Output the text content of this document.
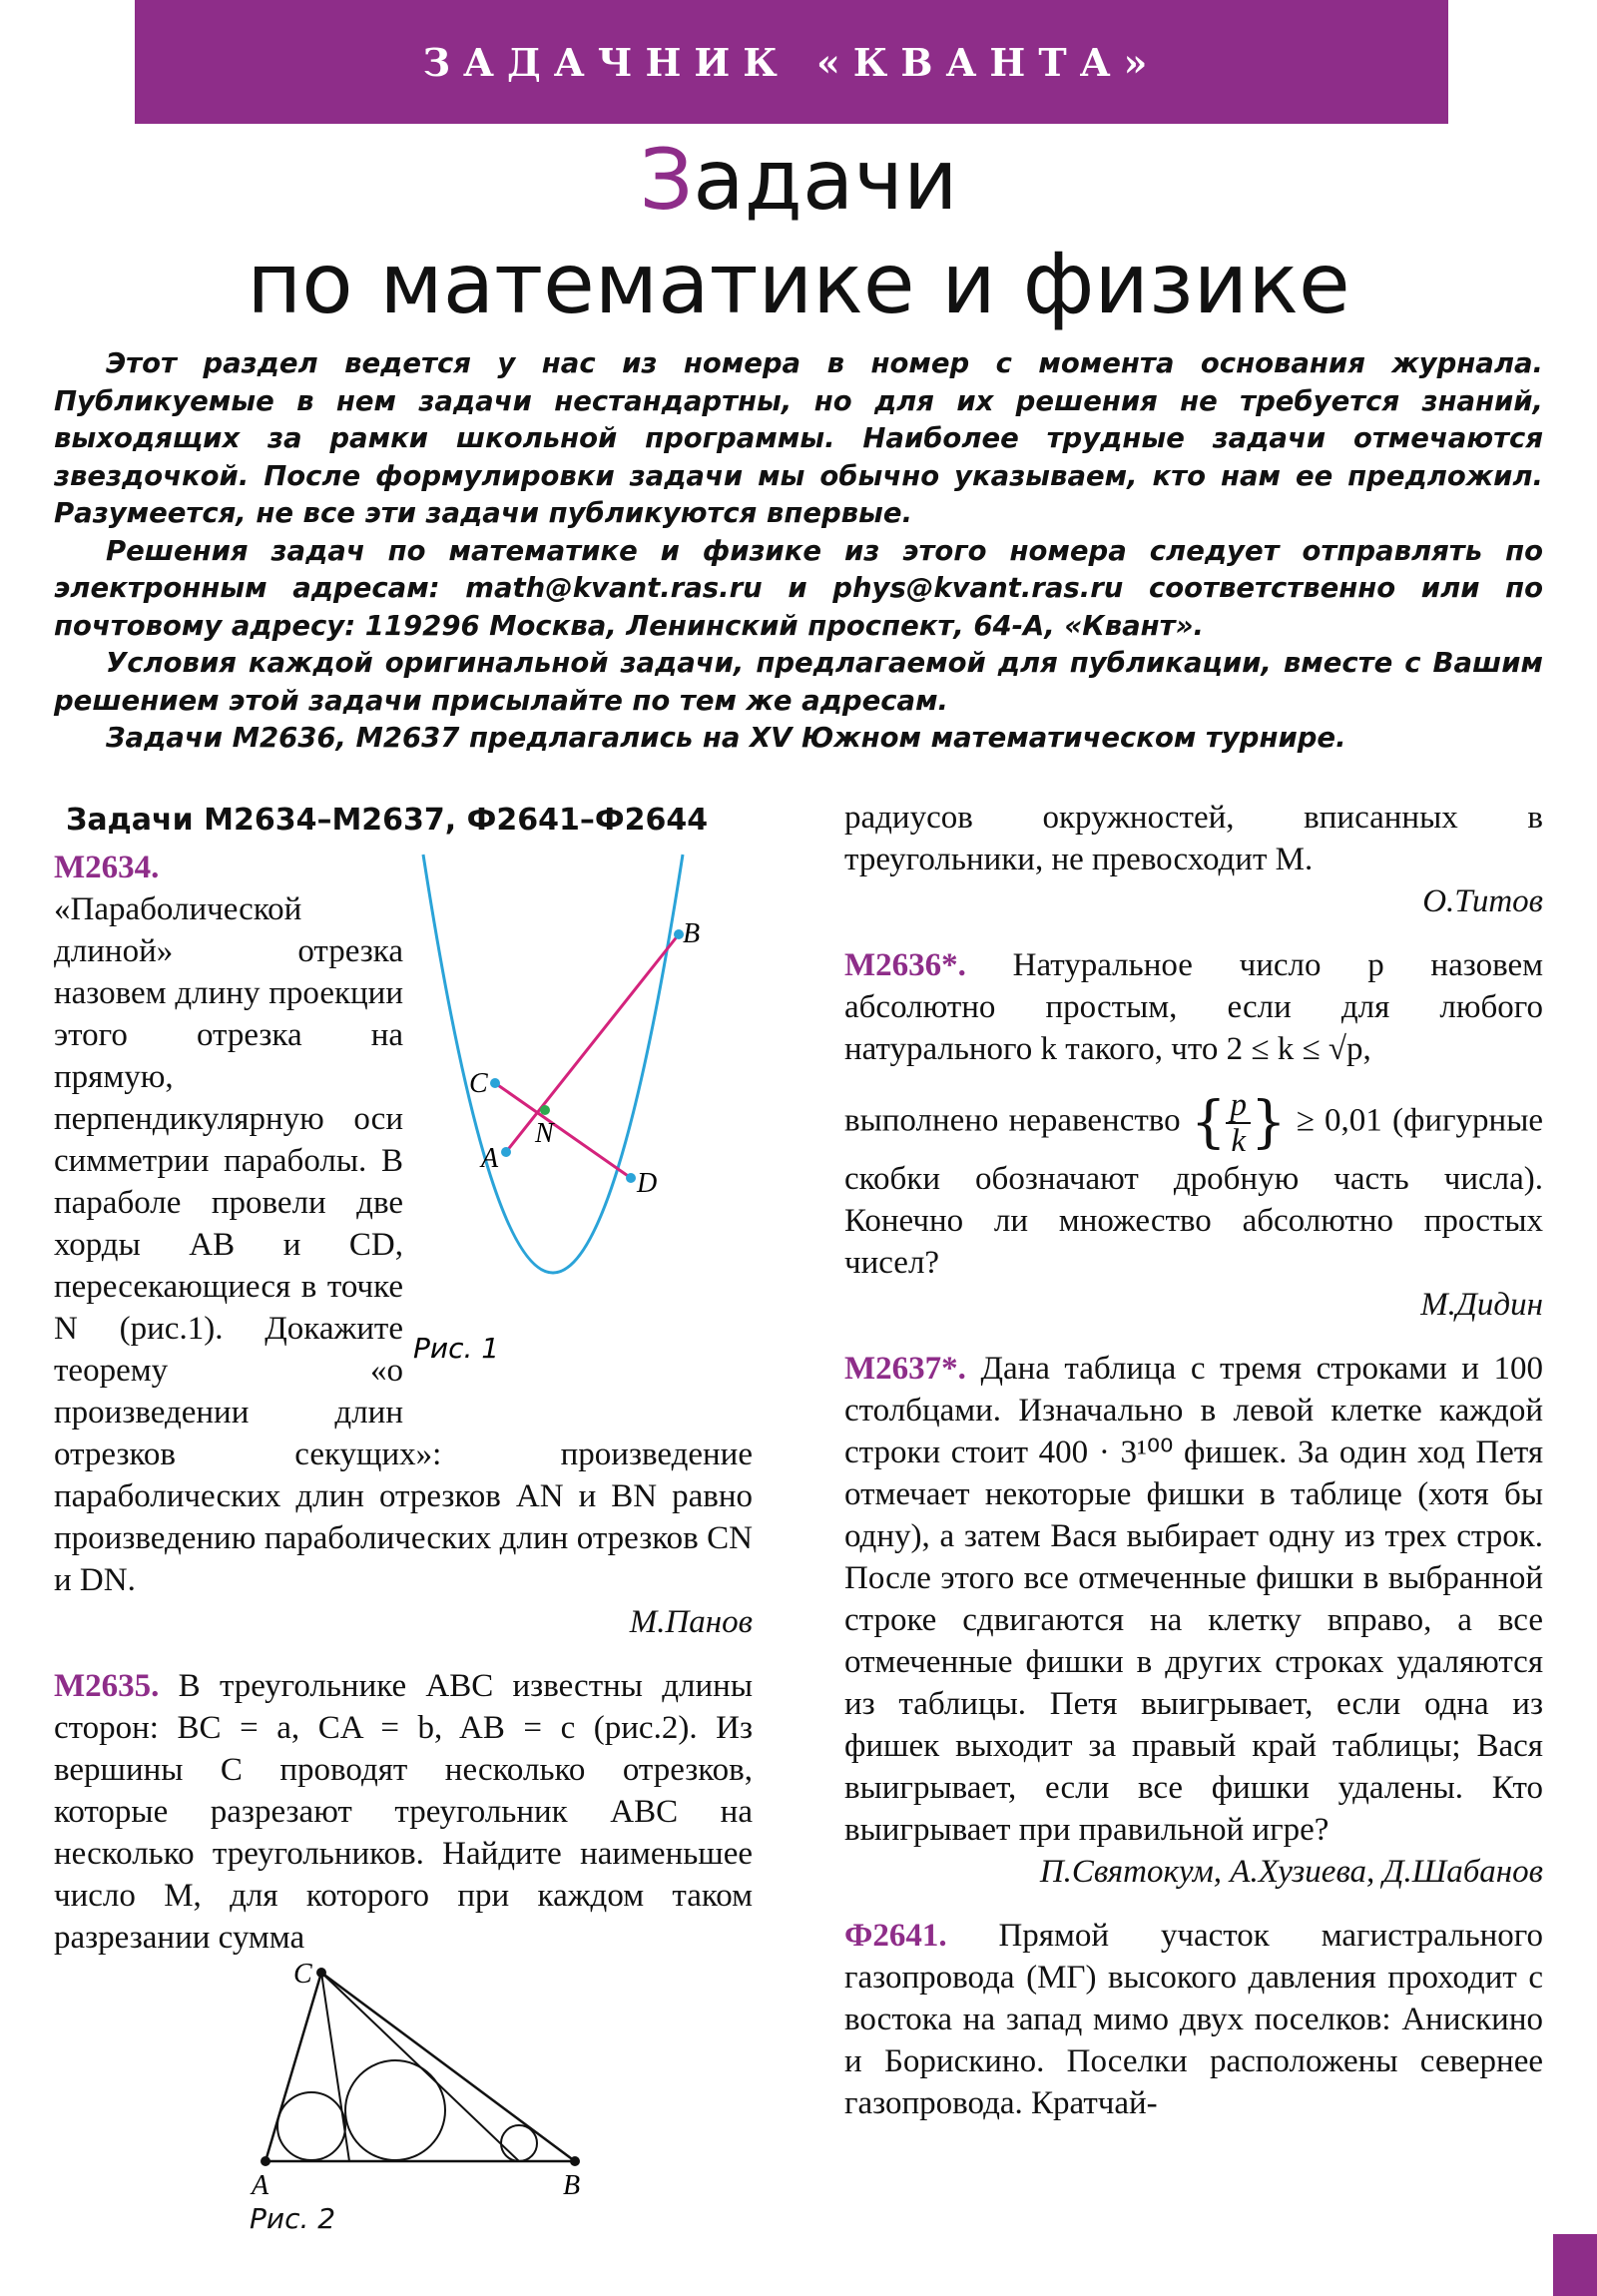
ЗАДАЧНИК «КВАНТА»
Задачи
по математике и физике

Этот раздел ведется у нас из номера в номер с момента основания журнала. Публикуемые в нем задачи нестандартны, но для их решения не требуется знаний, выходящих за рамки школьной программы. Наиболее трудные задачи отмечаются звездочкой. После формулировки задачи мы обычно указываем, кто нам ее предложил. Разумеется, не все эти задачи публикуются впервые.

Решения задач по математике и физике из этого номера следует отправлять по электронным адресам: math@kvant.ras.ru и phys@kvant.ras.ru соответственно или по почтовому адресу: 119296 Москва, Ленинский проспект, 64-А, «Квант».

Условия каждой оригинальной задачи, предлагаемой для публикации, вместе с Вашим решением этой задачи присылайте по тем же адресам.

Задачи М2636, М2637 предлагались на XV Южном математическом турнире.

Задачи М2634–М2637, Ф2641–Ф2644
B
C
N
A
D
Рис. 1
М2634. «Параболической длиной» отрезка назовем длину проекции этого отрезка на прямую, перпендикулярную оси симметрии параболы. В параболе провели две хорды AB и CD, пересекающиеся в точке N (рис.1). Докажите теорему «о произведении длин отрезков секущих»: произведение параболических длин отрезков AN и BN равно произведению параболических длин отрезков CN и DN.
М.Панов
М2635. В треугольнике ABC известны длины сторон: BC = a, CA = b, AB = c (рис.2). Из вершины C проводят несколько отрезков, которые разрезают треугольник ABC на несколько треугольников. Найдите наименьшее число M, для которого при каждом таком разрезании сумма
A	B
C
Рис. 2
радиусов окружностей, вписанных в треугольники, не превосходит M.
О.Титов
М2636*. Натуральное число p назовем абсолютно простым, если для любого натурального k такого, что 2 ≤ k ≤ √p,
выполнено неравенство { $\frac{p}{k}$ } ≥ 0,01 (фигурные скобки обозначают дробную часть числа). Конечно ли множество абсолютно простых чисел?
М.Дидин
М2637*. Дана таблица с тремя строками и 100 столбцами. Изначально в левой клетке каждой строки стоит 400 · 3¹⁰⁰ фишек. За один ход Петя отмечает некоторые фишки в таблице (хотя бы одну), а затем Вася выбирает одну из трех строк. После этого все отмеченные фишки в выбранной строке сдвигаются на клетку вправо, а все отмеченные фишки в других строках удаляются из таблицы. Петя выигрывает, если одна из фишек выходит за правый край таблицы; Вася выигрывает, если все фишки удалены. Кто выигрывает при правильной игре?
П.Святокум, А.Хузиева, Д.Шабанов
Ф2641. Прямой участок магистрального газопровода (МГ) высокого давления проходит с востока на запад мимо двух поселков: Анискино и Борискино. Поселки расположены севернее газопровода. Кратчай-
